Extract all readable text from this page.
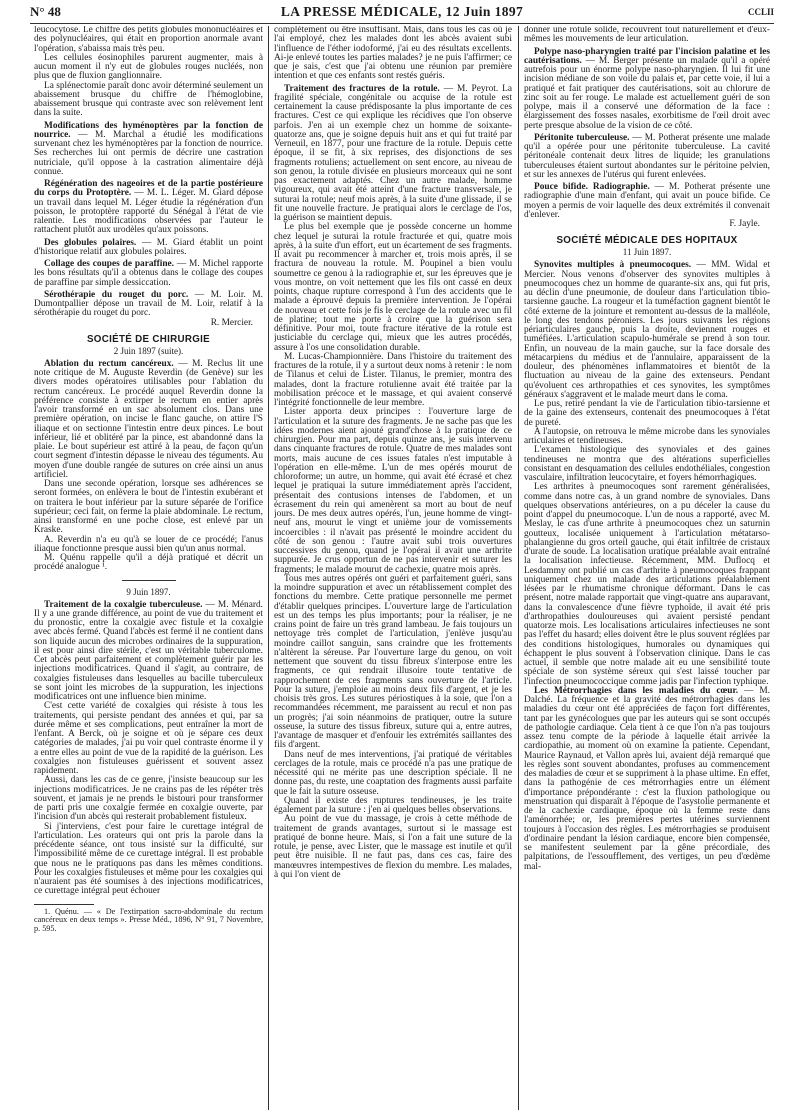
N° 48	LA PRESSE MÉDICALE, 12 Juin 1897	CCLII

leucocytose. Le chiffre des petits globules mononucléaires et des polynucléaires, qui était en proportion anormale avant l'opération, s'abaissa mais très peu.

Les cellules éosinophiles parurent augmenter, mais à aucun moment il n'y eut de globules rouges nucléés, non plus que de fluxion ganglionnaire.

La splénectomie paraît donc avoir déterminé seulement un abaissement brusque du chiffre de l'hémoglobine, abaissement brusque qui contraste avec son relèvement lent dans la suite.

Modifications des hyménoptères par la fonction de nourrice. — M. Marchal a étudié les modifications survenant chez les hyménoptères par la fonction de nourrice. Ses recherches lui ont permis de décrire une castration nutriciale, qu'il oppose à la castration alimentaire déjà connue.

Régénération des nageoires et de la partie postérieure du corps du Protoptère. — M. L. Léger. M. Giard dépose un travail dans lequel M. Léger étudie la régénération d'un poisson, le protoptère rapporté du Sénégal à l'état de vie ralentie. Les modifications observées par l'auteur le rattachent plutôt aux urodèles qu'aux poissons.

Des globules polaires. — M. Giard établit un point d'historique relatif aux globules polaires.

Collage des coupes de paraffine. — M. Michel rapporte les bons résultats qu'il a obtenus dans le collage des coupes de paraffine par simple dessiccation.

Sérothérapie du rouget du porc. — M. Loir. M. Dumontpallier dépose un travail de M. Loir, relatif à la sérothérapie du rouget du porc.

R. Mercier.

SOCIÉTÉ DE CHIRURGIE

2 Juin 1897 (suite).

Ablation du rectum cancéreux. — M. Reclus lit une note critique de M. Auguste Reverdin (de Genève) sur les divers modes opératoires utilisables pour l'ablation du rectum cancéreux. Le procédé auquel Reverdin donne la préférence consiste à extirper le rectum en entier après l'avoir transformé en un sac absolument clos. Dans une première opération, on incise le flanc gauche, on attire l'S iliaque et on sectionne l'intestin entre deux pinces. Le bout inférieur, lié et oblitéré par la pince, est abandonné dans la plaie. Le bout supérieur est attiré à la peau, de façon qu'un court segment d'intestin dépasse le niveau des téguments. Au moyen d'une double rangée de sutures on crée ainsi un anus artificiel.

Dans une seconde opération, lorsque ses adhérences se seront formées, on enlèvera le bout de l'intestin exubérant et on traitera le bout inférieur par la suture séparée de l'orifice supérieur; ceci fait, on ferme la plaie abdominale. Le rectum, ainsi transformé en une poche close, est enlevé par un Kraske.

A. Reverdin n'a eu qu'à se louer de ce procédé; l'anus iliaque fonctionne presque aussi bien qu'un anus normal.

M. Quénu rappelle qu'il a déjà pratiqué et décrit un procédé analogue ¹.

9 Juin 1897.

Traitement de la coxalgie tuberculeuse. — M. Ménard. Il y a une grande différence, au point de vue du traitement et du pronostic, entre la coxalgie avec fistule et la coxalgie avec abcès fermé. Quand l'abcès est fermé il ne contient dans son liquide aucun des microbes ordinaires de la suppuration, il est pour ainsi dire stérile, c'est un véritable tuberculome. Cet abcès peut parfaitement et complètement guérir par les injections modificatrices. Quand il s'agit, au contraire, de coxalgies fistuleuses dans lesquelles au bacille tuberculeux se sont joint les microbes de la suppuration, les injections modificatrices ont une influence bien minime.

C'est cette variété de coxalgies qui résiste à tous les traitements, qui persiste pendant des années et qui, par sa durée même et ses complications, peut entraîner la mort de l'enfant. A Berck, où je soigne et où je sépare ces deux catégories de malades, j'ai pu voir quel contraste énorme il y a entre elles au point de vue de la rapidité de la guérison. Les coxalgies non fistuleuses guérissent et souvent assez rapidement.

Aussi, dans les cas de ce genre, j'insiste beaucoup sur les injections modificatrices. Je ne crains pas de les répéter très souvent, et jamais je ne prends le bistouri pour transformer de parti pris une coxalgie fermée en coxalgie ouverte, par l'incision d'un abcès qui resterait probablement fistuleux.

Si j'interviens, c'est pour faire le curettage intégral de l'articulation. Les orateurs qui ont pris la parole dans la précédente séance, ont tous insisté sur la difficulté, sur l'impossibilité même de ce curettage intégral. Il est probable que nous ne le pratiquons pas dans les mêmes conditions. Pour les coxalgies fistuleuses et même pour les coxalgies qui n'auraient pas été soumises à des injections modificatrices, ce curettage intégral peut échouer

1. Quénu. — « De l'extirpation sacro-abdominale du rectum cancéreux en deux temps ». Presse Méd., 1896, N° 91, 7 Novembre, p. 595.

complètement ou être insuffisant. Mais, dans tous les cas où je l'ai employé, chez les malades dont les abcès avaient subi l'influence de l'éther iodoformé, j'ai eu des résultats excellents. Ai-je enlevé toutes les parties malades? je ne puis l'affirmer; ce que je sais, c'est que j'ai obtenu une réunion par première intention et que ces enfants sont restés guéris.

Traitement des fractures de la rotule. — M. Peyrot. La fragilité spéciale, congénitale ou acquise de la rotule est certainement la cause prédisposante la plus importante de ces fractures. C'est ce qui explique les récidives que l'on observe parfois. J'en ai un exemple chez un homme de soixante-quatorze ans, que je soigne depuis huit ans et qui fut traité par Verneuil, en 1877, pour une fracture de la rotule. Depuis cette époque, il se fit, à six reprises, des disjonctions de ses fragments rotuliens; actuellement on sent encore, au niveau de son genou, la rotule divisée en plusieurs morceaux qui ne sont pas exactement adaptés. Chez un autre malade, homme vigoureux, qui avait été atteint d'une fracture transversale, je suturai la rotule; neuf mois après, à la suite d'une glissade, il se fit une nouvelle fracture. Je pratiquai alors le cerclage de l'os, la guérison se maintient depuis.

Le plus bel exemple que je possède concerne un homme chez lequel je suturai la rotule fracturée et qui, quatre mois après, à la suite d'un effort, eut un écartement de ses fragments. Il avait pu recommencer à marcher et, trois mois après, il se fractura de nouveau la rotule. M. Poupinel a bien voulu soumettre ce genou à la radiographie et, sur les épreuves que je vous montre, on voit nettement que les fils ont cassé en deux points, chaque rupture correspond à l'un des accidents que le malade a éprouvé depuis la première intervention. Je l'opérai de nouveau et cette fois je fis le cerclage de la rotule avec un fil de platine; tout me porte à croire que la guérison sera définitive. Pour moi, toute fracture itérative de la rotule est justiciable du cerclage qui, mieux que les autres procédés, assure à l'os une consolidation durable.

M. Lucas-Championnière. Dans l'histoire du traitement des fractures de la rotule, il y a surtout deux noms à retenir : le nom de Tilanus et celui de Lister. Tilanus, le premier, montra des malades, dont la fracture rotulienne avait été traitée par la mobilisation précoce et le massage, et qui avaient conservé l'intégrité fonctionnelle de leur membre.

Lister apporta deux principes : l'ouverture large de l'articulation et la suture des fragments. Je ne sache pas que les idées modernes aient ajouté grand'chose à la pratique de ce chirurgien. Pour ma part, depuis quinze ans, je suis intervenu dans cinquante fractures de rotule. Quatre de mes malades sont morts, mais aucune de ces issues fatales n'est imputable à l'opération en elle-même. L'un de mes opérés mourut de chloroforme; un autre, un homme, qui avait été écrasé et chez lequel je pratiquai la suture immédiatement après l'accident, présentait des contusions intenses de l'abdomen, et un écrasement du rein qui amenèrent sa mort au bout de neuf jours. De mes deux autres opérés, l'un, jeune homme de vingt-neuf ans, mourut le vingt et unième jour de vomissements incoercibles : il n'avait pas présenté le moindre accident du côté de son genou : l'autre avait subi trois ouvertures successives du genou, quand je l'opérai il avait une arthrite suppurée. Je crus opportun de ne pas intervenir et suturer les fragments; le malade mourut de cachexie, quatre mois après.

Tous mes autres opérés ont guéri et parfaitement guéri, sans la moindre suppuration et avec un rétablissement complet des fonctions du membre. Cette pratique personnelle me permet d'établir quelques principes. L'ouverture large de l'articulation est un des temps les plus importants; pour la réaliser, je ne crains point de faire un très grand lambeau. Je fais toujours un nettoyage très complet de l'articulation, j'enlève jusqu'au moindre caillot sanguin, sans craindre que les frottements n'altèrent la séreuse. Par l'ouverture large du genou, on voit nettement que souvent du tissu fibreux s'interpose entre les fragments, ce qui rendrait illusoire toute tentative de rapprochement de ces fragments sans ouverture de l'article. Pour la suture, j'emploie au moins deux fils d'argent, et je les choisis très gros. Les sutures périostiques à la soie, que l'on a recommandées récemment, me paraissent au recul et non pas un progrès; j'ai soin néanmoins de pratiquer, outre la suture osseuse, la suture des tissus fibreux, suture qui a, entre autres, l'avantage de masquer et d'enfouir les extrémités saillantes des fils d'argent.

Dans neuf de mes interventions, j'ai pratiqué de véritables cerclages de la rotule, mais ce procédé n'a pas une pratique de nécessité qui ne mérite pas une description spéciale. Il ne donne pas, du reste, une coaptation des fragments aussi parfaite que le fait la suture osseuse.

Quand il existe des ruptures tendineuses, je les traite également par la suture : j'en ai quelques belles observations.

Au point de vue du massage, je crois à cette méthode de traitement de grands avantages, surtout si le massage est pratiqué de bonne heure. Mais, si l'on a fait une suture de la rotule, je pense, avec Lister, que le massage est inutile et qu'il peut être nuisible. Il ne faut pas, dans ces cas, faire des manœuvres intempestives de flexion du membre. Les malades, à qui l'on vient de

donner une rotule solide, recouvrent tout naturellement et d'eux-mêmes les mouvements de leur articulation.

Polype naso-pharyngien traité par l'incision palatine et les cautérisations. — M. Berger présente un malade qu'il a opéré autrefois pour un énorme polype naso-pharyngien. Il lui fit une incision médiane de son voile du palais et, par cette voie, il lui a pratiqué et fait pratiquer des cautérisations, soit au chlorure de zinc soit au fer rouge. Le malade est actuellement guéri de son polype, mais il a conservé une déformation de la face : élargissement des fosses nasales, exorbitisme de l'œil droit avec perte presque absolue de la vision de ce côté.

Péritonite tuberculeuse. — M. Potherat présente une malade qu'il a opérée pour une péritonite tuberculeuse. La cavité péritonéale contenait deux litres de liquide; les granulations tuberculeuses étaient surtout abondantes sur le péritoine pelvien, et sur les annexes de l'utérus qui furent enlevées.

Pouce bifide. Radiographie. — M. Potherat présente une radiographie d'une main d'enfant, qui avait un pouce bifide. Ce moyen a permis de voir laquelle des deux extrémités il convenait d'enlever.

F. Jayle.

SOCIÉTÉ MÉDICALE DES HOPITAUX

11 Juin 1897.

Synovites multiples à pneumocoques. — MM. Widal et Mercier. Nous venons d'observer des synovites multiples à pneumocoques chez un homme de quarante-six ans, qui fut pris, au déclin d'une pneumonie, de douleur dans l'articulation tibio-tarsienne gauche. La rougeur et la tuméfaction gagnent bientôt le côté externe de la jointure et remontent au-dessus de la malléole, le long des tendons péroniers. Les jours suivants les régions périarticulaires gauche, puis la droite, deviennent rouges et tuméfiées. L'articulation scapulo-humérale se prend à son tour. Enfin, un nouveau de la main gauche, sur la face dorsale des métacarpiens du médius et de l'annulaire, apparaissent de la douleur, des phénomènes inflammatoires et bientôt de la fluctuation au niveau de la gaine des extenseurs. Pendant qu'évoluent ces arthropathies et ces synovites, les symptômes généraux s'aggravent et le malade meurt dans le coma.

Le pus, retiré pendant la vie de l'articulation tibio-tarsienne et de la gaine des extenseurs, contenait des pneumocoques à l'état de pureté.

A l'autopsie, on retrouva le même microbe dans les synoviales articulaires et tendineuses.

L'examen histologique des synoviales et des gaines tendineuses ne montra que des altérations superficielles consistant en desquamation des cellules endothéliales, congestion vasculaire, infiltration leucocytaire, et foyers hémorrhagiques.

Les arthrites à pneumocoques sont rarement généralisées, comme dans notre cas, à un grand nombre de synoviales. Dans quelques observations antérieures, on a pu déceler la cause du point d'appel du pneumocoque. L'un de nous a rapporté, avec M. Meslay, le cas d'une arthrite à pneumocoques chez un saturnin goutteux, localisée uniquement à l'articulation métatarso-phalangienne du gros orteil gauche, qui était infiltrée de cristaux d'urate de soude. La localisation uratique préalable avait entraîné la localisation infectieuse. Récemment, MM. Duflocq et Lesdammy ont publié un cas d'arthrite à pneumocoques frappant uniquement chez un malade des articulations préalablement lésées par le rhumatisme chronique déformant. Dans le cas présent, notre malade rapportait que vingt-quatre ans auparavant, dans la convalescence d'une fièvre typhoïde, il avait été pris d'arthropathies douloureuses qui avaient persisté pendant quatorze mois. Les localisations articulaires infectieuses ne sont pas l'effet du hasard; elles doivent être le plus souvent réglées par des conditions histologiques, humorales ou dynamiques qui échappent le plus souvent à l'observation clinique. Dans le cas actuel, il semble que notre malade ait eu une sensibilité toute spéciale de son système séreux qui s'est laissé toucher par l'infection pneumococcique comme jadis par l'infection typhique.

Les Métrorrhagies dans les maladies du cœur. — M. Dalché. La fréquence et la gravité des métrorrhagies dans les maladies du cœur ont été appréciées de façon fort différentes, tant par les gynécologues que par les auteurs qui se sont occupés de pathologie cardiaque. Cela tient à ce que l'on n'a pas toujours assez tenu compte de la période à laquelle était arrivée la cardiopathie, au moment où on examine la patiente. Cependant, Maurice Raynaud, et Vallon après lui, avaient déjà remarqué que les règles sont souvent abondantes, profuses au commencement des maladies de cœur et se suppriment à la phase ultime. En effet, dans la pathogénie de ces métrorrhagies entre un élément d'importance prépondérante : c'est la fluxion pathologique ou menstruation qui disparaît à l'époque de l'asystolie permanente et de la cachexie cardiaque, époque où la femme reste dans l'aménorrhée; or, les premières pertes utérines surviennent toujours à l'occasion des règles. Les métrorrhagies se produisent d'ordinaire pendant la lésion cardiaque, encore bien compensée, se manifestent seulement par la gêne précordiale, des palpitations, de l'essoufflement, des vertiges, un peu d'œdème mal-
